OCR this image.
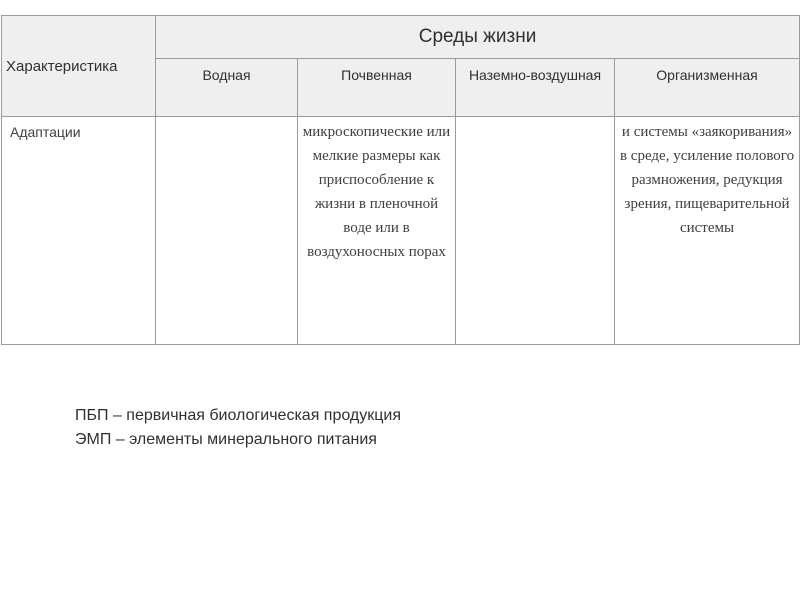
Характеристика	Среды жизни			
	Водная	Почвенная	Наземно-воздушная	Организменная
Адаптации		микроскопические или мелкие размеры как приспособление к жизни в пленочной воде или в воздухоносных порах		и системы «заякоривания» в среде, усиление полового размножения, редукция зрения, пищеварительной системы
ПБП – первичная биологическая продукция
ЭМП – элементы минерального питания
